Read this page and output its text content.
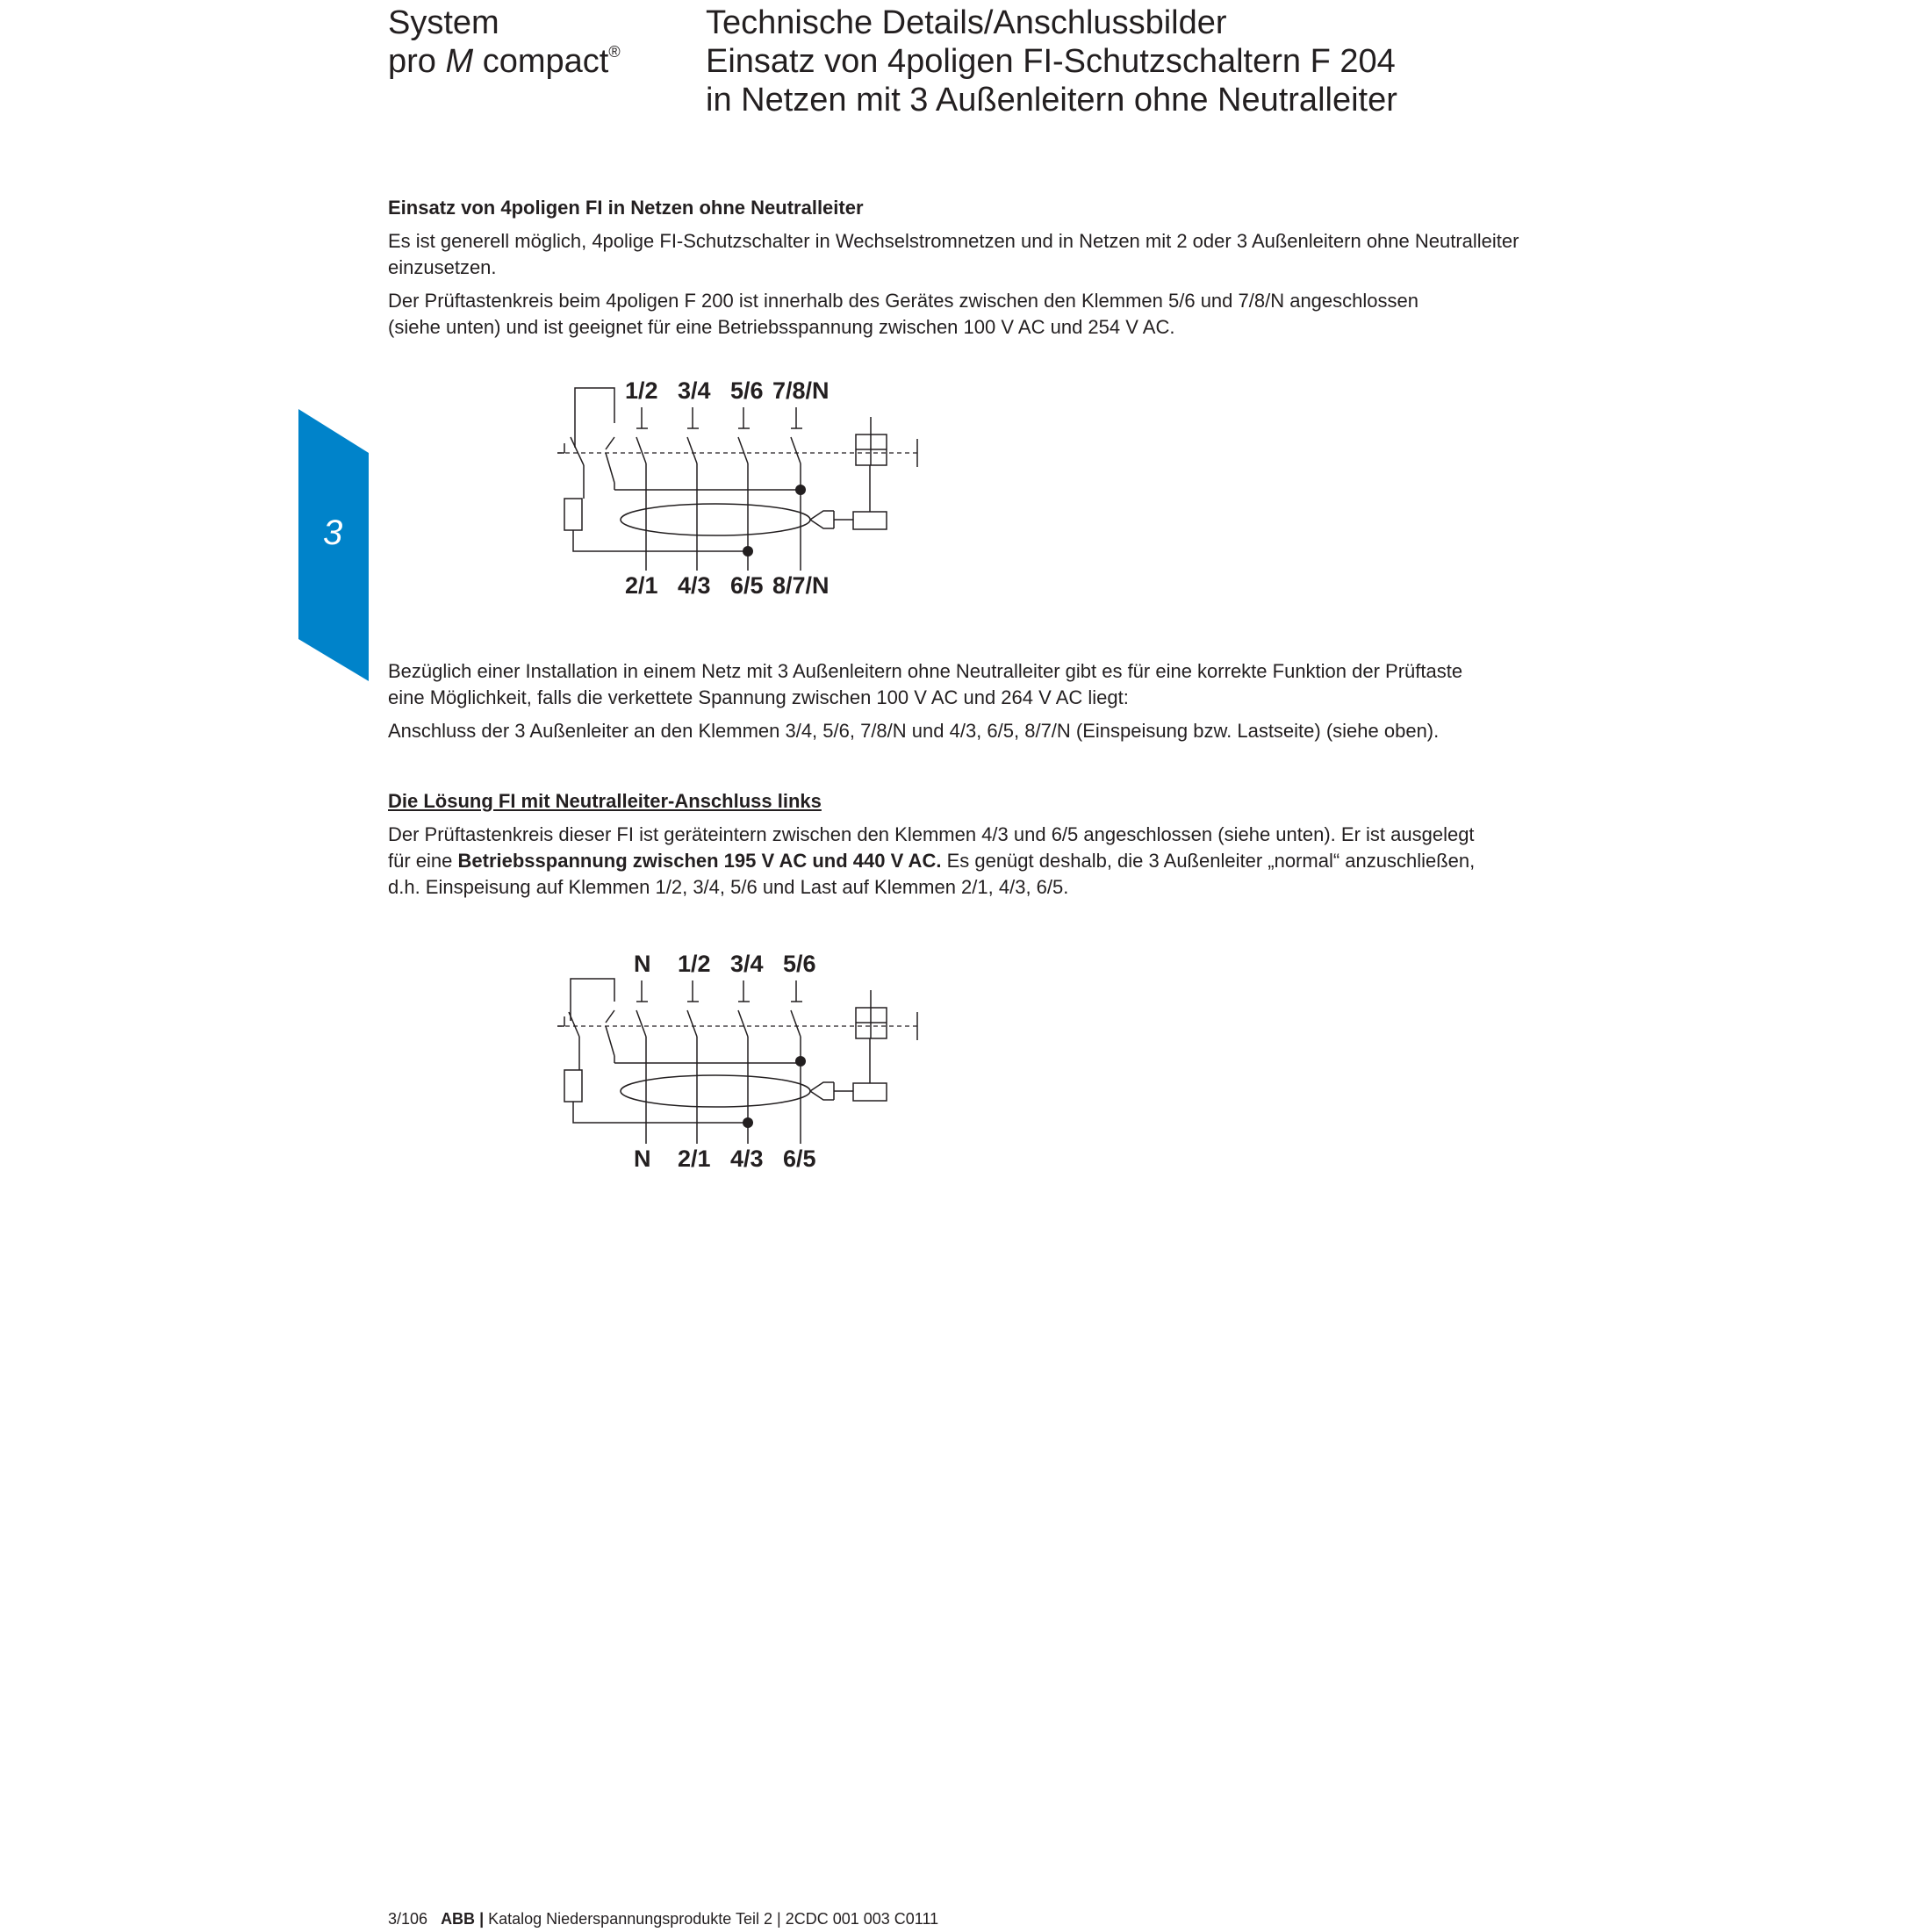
System
pro M compact®
Technische Details/Anschlussbilder
Einsatz von 4poligen FI-Schutzschaltern F 204
in Netzen mit 3 Außenleitern ohne Neutralleiter
3
Einsatz von 4poligen FI in Netzen ohne Neutralleiter
Es ist generell möglich, 4polige FI-Schutzschalter in Wechselstromnetzen und in Netzen mit 2 oder 3 Außenleitern ohne Neutralleiter
einzusetzen.
Der Prüftastenkreis beim 4poligen F 200 ist innerhalb des Gerätes zwischen den Klemmen 5/6 und 7/8/N angeschlossen
(siehe unten) und ist geeignet für eine Betriebsspannung zwischen 100 V AC und 254 V AC.
1/2 3/4 5/6 7/8/N
2/1 4/3 6/5 8/7/N
Bezüglich einer Installation in einem Netz mit 3 Außenleitern ohne Neutralleiter gibt es für eine korrekte Funktion der Prüftaste
eine Möglichkeit, falls die verkettete Spannung zwischen 100 V AC und 264 V AC liegt:
Anschluss der 3 Außenleiter an den Klemmen 3/4, 5/6, 7/8/N und 4/3, 6/5, 8/7/N (Einspeisung bzw. Lastseite) (siehe oben).
Die Lösung FI mit Neutralleiter-Anschluss links
Der Prüftastenkreis dieser FI ist geräteintern zwischen den Klemmen 4/3 und 6/5 angeschlossen (siehe unten). Er ist ausgelegt
für eine Betriebsspannung zwischen 195 V AC und 440 V AC. Es genügt deshalb, die 3 Außenleiter „normal“ anzuschließen,
d.h. Einspeisung auf Klemmen 1/2, 3/4, 5/6 und Last auf Klemmen 2/1, 4/3, 6/5.
N 1/2 3/4 5/6
N 2/1 4/3 6/5
3/106 ABB | Katalog Niederspannungsprodukte Teil 2 | 2CDC 001 003 C0111
